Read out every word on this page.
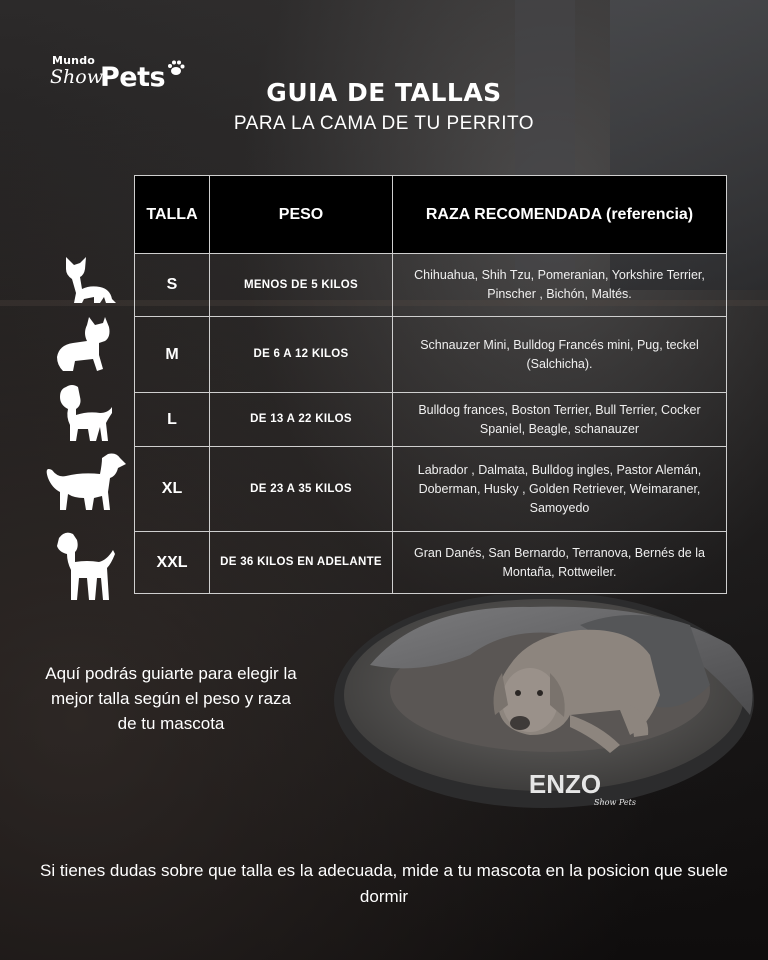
Mundo
Show
Pets	GUIA DE TALLAS
PARA LA CAMA DE TU PERRITO
TALLA	PESO	RAZA RECOMENDADA (referencia)
S	MENOS DE 5 KILOS	Chihuahua, Shih Tzu, Pomeranian, Yorkshire Terrier, Pinscher , Bichón, Maltés.
M	DE 6 A 12 KILOS	Schnauzer Mini, Bulldog Francés mini, Pug, teckel (Salchicha).
L	DE 13 A 22 KILOS	Bulldog frances, Boston Terrier, Bull Terrier, Cocker Spaniel, Beagle, schanauzer
XL	DE 23 A 35 KILOS	Labrador , Dalmata, Bulldog ingles, Pastor Alemán, Doberman, Husky , Golden Retriever, Weimaraner, Samoyedo
XXL	DE 36 KILOS EN ADELANTE	Gran Danés, San Bernardo, Terranova, Bernés de la Montaña, Rottweiler.
Aquí podrás guiarte para elegir la mejor talla según el peso y raza de tu mascota
ENZO
Show Pets
Si tienes dudas sobre que talla es la adecuada, mide a tu mascota en la posicion que suele dormir
